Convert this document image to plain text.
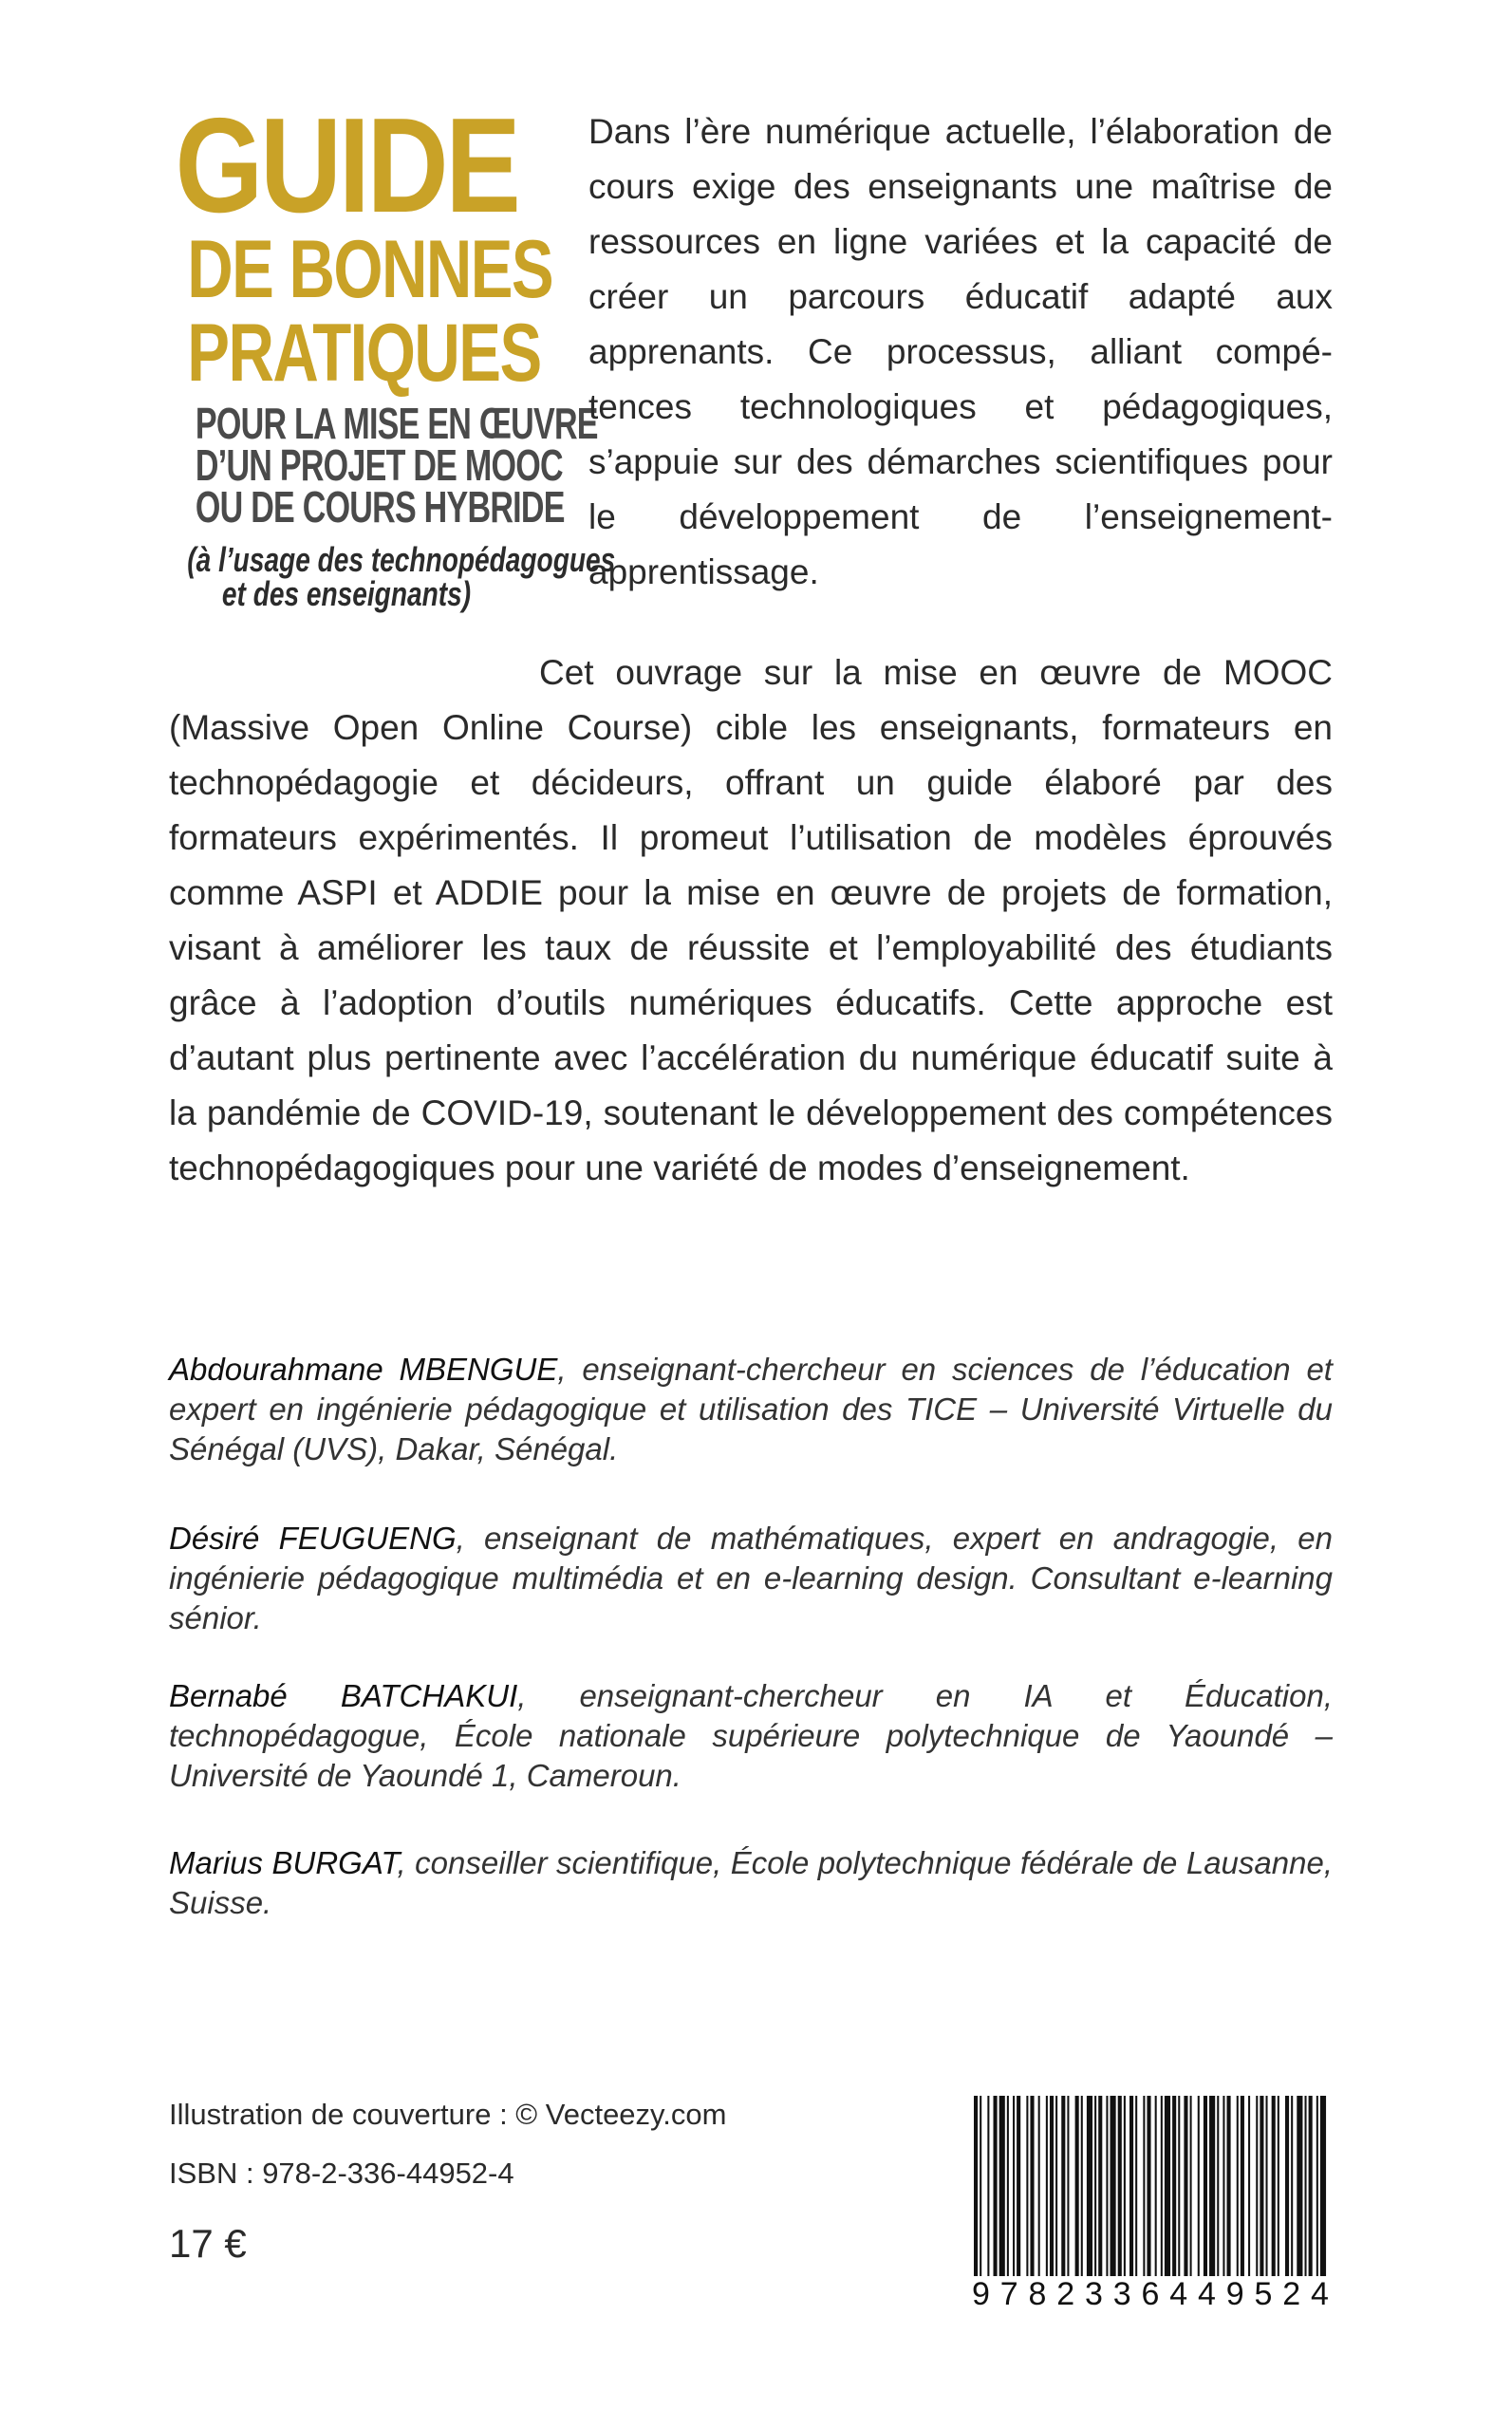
GUIDE
DE BONNES
PRATIQUES
POUR LA MISE EN ŒUVRE
D’UN PROJET DE MOOC
OU DE COURS HYBRIDE
(à l’usage des technopédagogues
et des enseignants)

Dans l’ère numérique actuelle, l’élaboration de cours exige des enseignants une maîtrise de ressources en ligne variées et la capacité de créer un parcours éducatif adapté aux apprenants. Ce processus, alliant compé-tences technologiques et pédagogiques, s’appuie sur des démarches scientifiques pour le développement de l’enseignement-apprentissage.

Cet ouvrage sur la mise en œuvre de MOOC (Massive Open Online Course) cible les enseignants, formateurs en technopédagogie et décideurs, offrant un guide élaboré par des formateurs expérimentés. Il promeut l’utilisation de modèles éprouvés comme ASPI et ADDIE pour la mise en œuvre de projets de formation, visant à améliorer les taux de réussite et l’employabilité des étudiants grâce à l’adoption d’outils numériques éducatifs. Cette approche est d’autant plus pertinente avec l’accélération du numérique éducatif suite à la pandémie de COVID-19, soutenant le développement des compétences technopédagogiques pour une variété de modes d’enseignement.

Abdourahmane MBENGUE, enseignant-chercheur en sciences de l’éducation et expert en ingénierie pédagogique et utilisation des TICE – Université Virtuelle du Sénégal (UVS), Dakar, Sénégal.

Désiré FEUGUENG, enseignant de mathématiques, expert en andragogie, en ingénierie pédagogique multimédia et en e-learning design. Consultant e-learning sénior.

Bernabé BATCHAKUI, enseignant-chercheur en IA et Éducation, technopédagogue, École nationale supérieure polytechnique de Yaoundé –Université de Yaoundé 1, Cameroun.

Marius BURGAT, conseiller scientifique, École polytechnique fédérale de Lausanne, Suisse.

Illustration de couverture : © Vecteezy.com

ISBN : 978-2-336-44952-4

17 €

9 7 8 2 3 3 6 4 4 9 5 2 4
